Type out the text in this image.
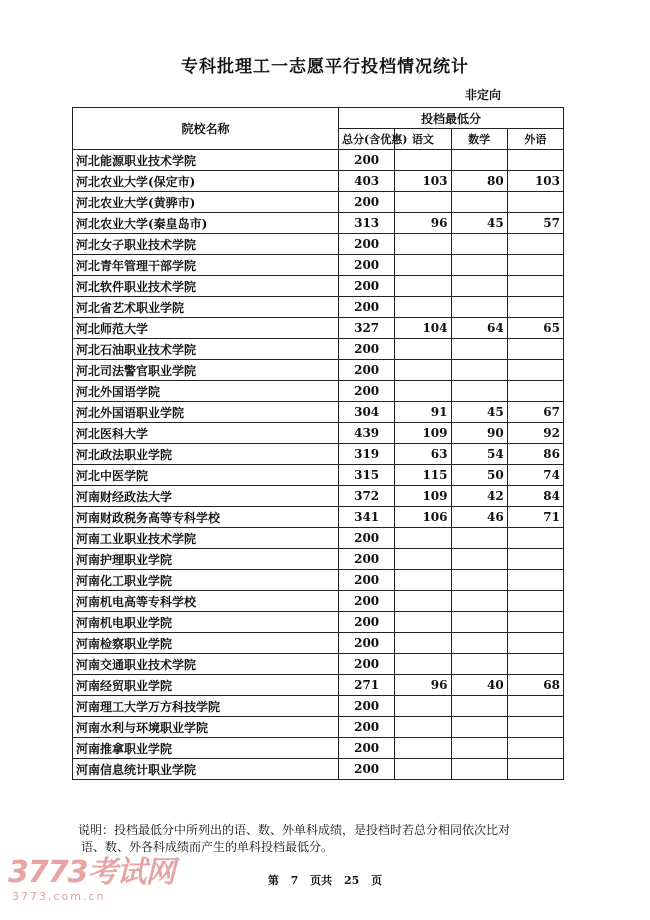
专科批理工一志愿平行投档情况统计
非定向
院校名称	投档最低分			
	总分(含优惠)	语文	数学	外语
河北能源职业技术学院	200			
河北农业大学(保定市)	403	103	80	103
河北农业大学(黄骅市)	200			
河北农业大学(秦皇岛市)	313	96	45	57
河北女子职业技术学院	200			
河北青年管理干部学院	200			
河北软件职业技术学院	200			
河北省艺术职业学院	200			
河北师范大学	327	104	64	65
河北石油职业技术学院	200			
河北司法警官职业学院	200			
河北外国语学院	200			
河北外国语职业学院	304	91	45	67
河北医科大学	439	109	90	92
河北政法职业学院	319	63	54	86
河北中医学院	315	115	50	74
河南财经政法大学	372	109	42	84
河南财政税务高等专科学校	341	106	46	71
河南工业职业技术学院	200			
河南护理职业学院	200			
河南化工职业学院	200			
河南机电高等专科学校	200			
河南机电职业学院	200			
河南检察职业学院	200			
河南交通职业技术学院	200			
河南经贸职业学院	271	96	40	68
河南理工大学万方科技学院	200			
河南水利与环境职业学院	200			
河南推拿职业学院	200			
河南信息统计职业学院	200			
说明：投档最低分中所列出的语、数、外单科成绩，是投档时若总分相同依次比对
语、数、外各科成绩而产生的单科投档最低分。
3773考试网
3773.com.cn
第 7 页共 25 页
